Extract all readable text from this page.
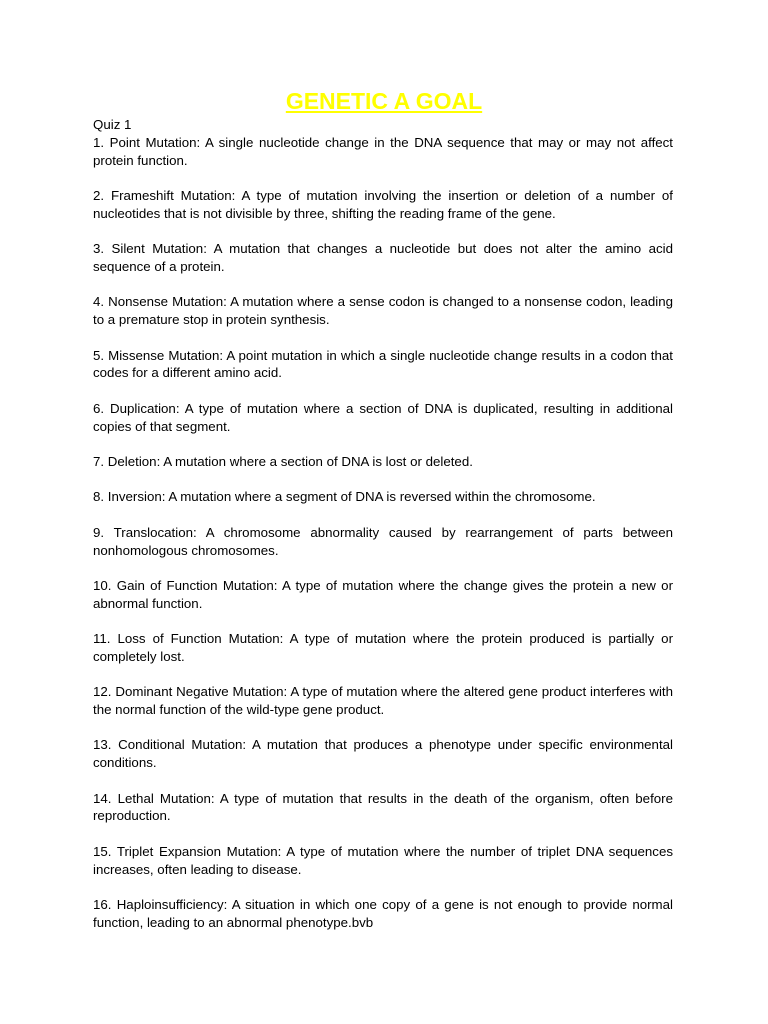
GENETIC A GOAL

Quiz 1

1. Point Mutation: A single nucleotide change in the DNA sequence that may or may not affect protein function.

2. Frameshift Mutation: A type of mutation involving the insertion or deletion of a number of nucleotides that is not divisible by three, shifting the reading frame of the gene.

3. Silent Mutation: A mutation that changes a nucleotide but does not alter the amino acid sequence of a protein.

4. Nonsense Mutation: A mutation where a sense codon is changed to a nonsense codon, leading to a premature stop in protein synthesis.

5. Missense Mutation: A point mutation in which a single nucleotide change results in a codon that codes for a different amino acid.

6. Duplication: A type of mutation where a section of DNA is duplicated, resulting in additional copies of that segment.

7. Deletion: A mutation where a section of DNA is lost or deleted.

8. Inversion: A mutation where a segment of DNA is reversed within the chromosome.

9. Translocation: A chromosome abnormality caused by rearrangement of parts between nonhomologous chromosomes.

10. Gain of Function Mutation: A type of mutation where the change gives the protein a new or abnormal function.

11. Loss of Function Mutation: A type of mutation where the protein produced is partially or completely lost.

12. Dominant Negative Mutation: A type of mutation where the altered gene product interferes with the normal function of the wild-type gene product.

13. Conditional Mutation: A mutation that produces a phenotype under specific environmental conditions.

14. Lethal Mutation: A type of mutation that results in the death of the organism, often before reproduction.

15. Triplet Expansion Mutation: A type of mutation where the number of triplet DNA sequences increases, often leading to disease.

16. Haploinsufficiency: A situation in which one copy of a gene is not enough to provide normal function, leading to an abnormal phenotype.bvb
